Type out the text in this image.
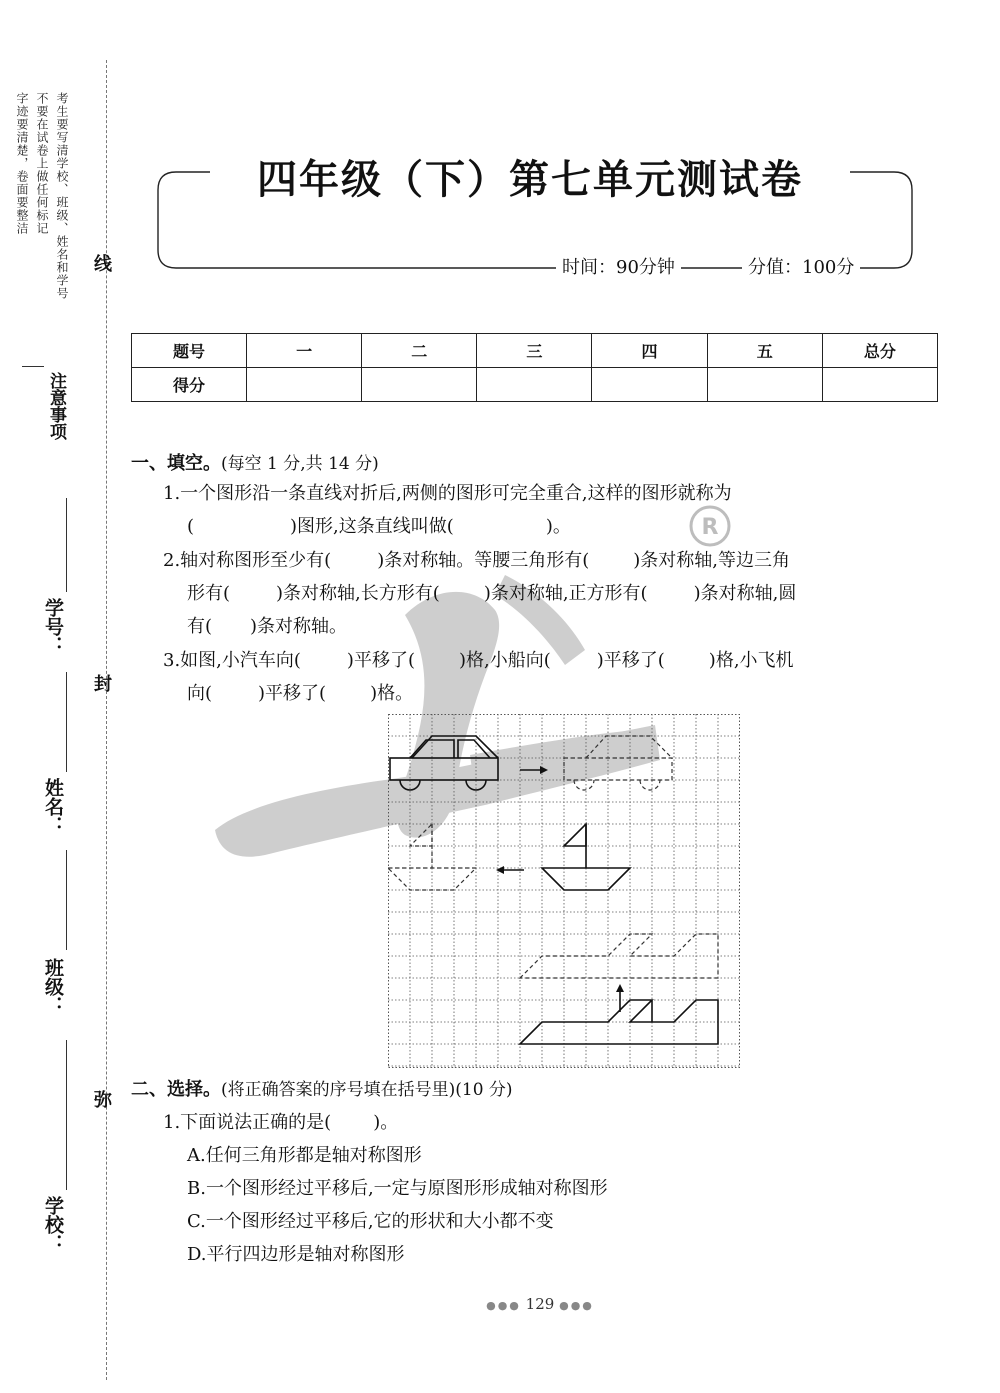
考生要写清学校、班级、姓名和学号
不要在试卷上做任何标记
字迹要清楚，卷面要整洁
注意事项
学号：
姓名：
班级：
学校：
线
封
弥
R
四年级（下）第七单元测试卷
时间：90分钟	分值：100分
题号	一	二	三	四	五	总分
得分						
一、填空。(每空 1 分,共 14 分)
1.一个图形沿一条直线对折后,两侧的图形可完全重合,这样的图形就称为
(	)图形,这条直线叫做(	)。
2.轴对称图形至少有(	)条对称轴。等腰三角形有( )条对称轴,等边三角
形有(	)条对称轴,长方形有( )条对称轴,正方形有(	)条对称轴,圆
有( )条对称轴。
3.如图,小汽车向(	)平移了( )格,小船向(	)平移了( )格,小飞机
向(	)平移了( )格。
二、选择。(将正确答案的序号填在括号里)(10 分)
1.下面说法正确的是( )。
A.任何三角形都是轴对称图形
B.一个图形经过平移后,一定与原图形形成轴对称图形
C.一个图形经过平移后,它的形状和大小都不变
D.平行四边形是轴对称图形
●●● 129 ●●●
